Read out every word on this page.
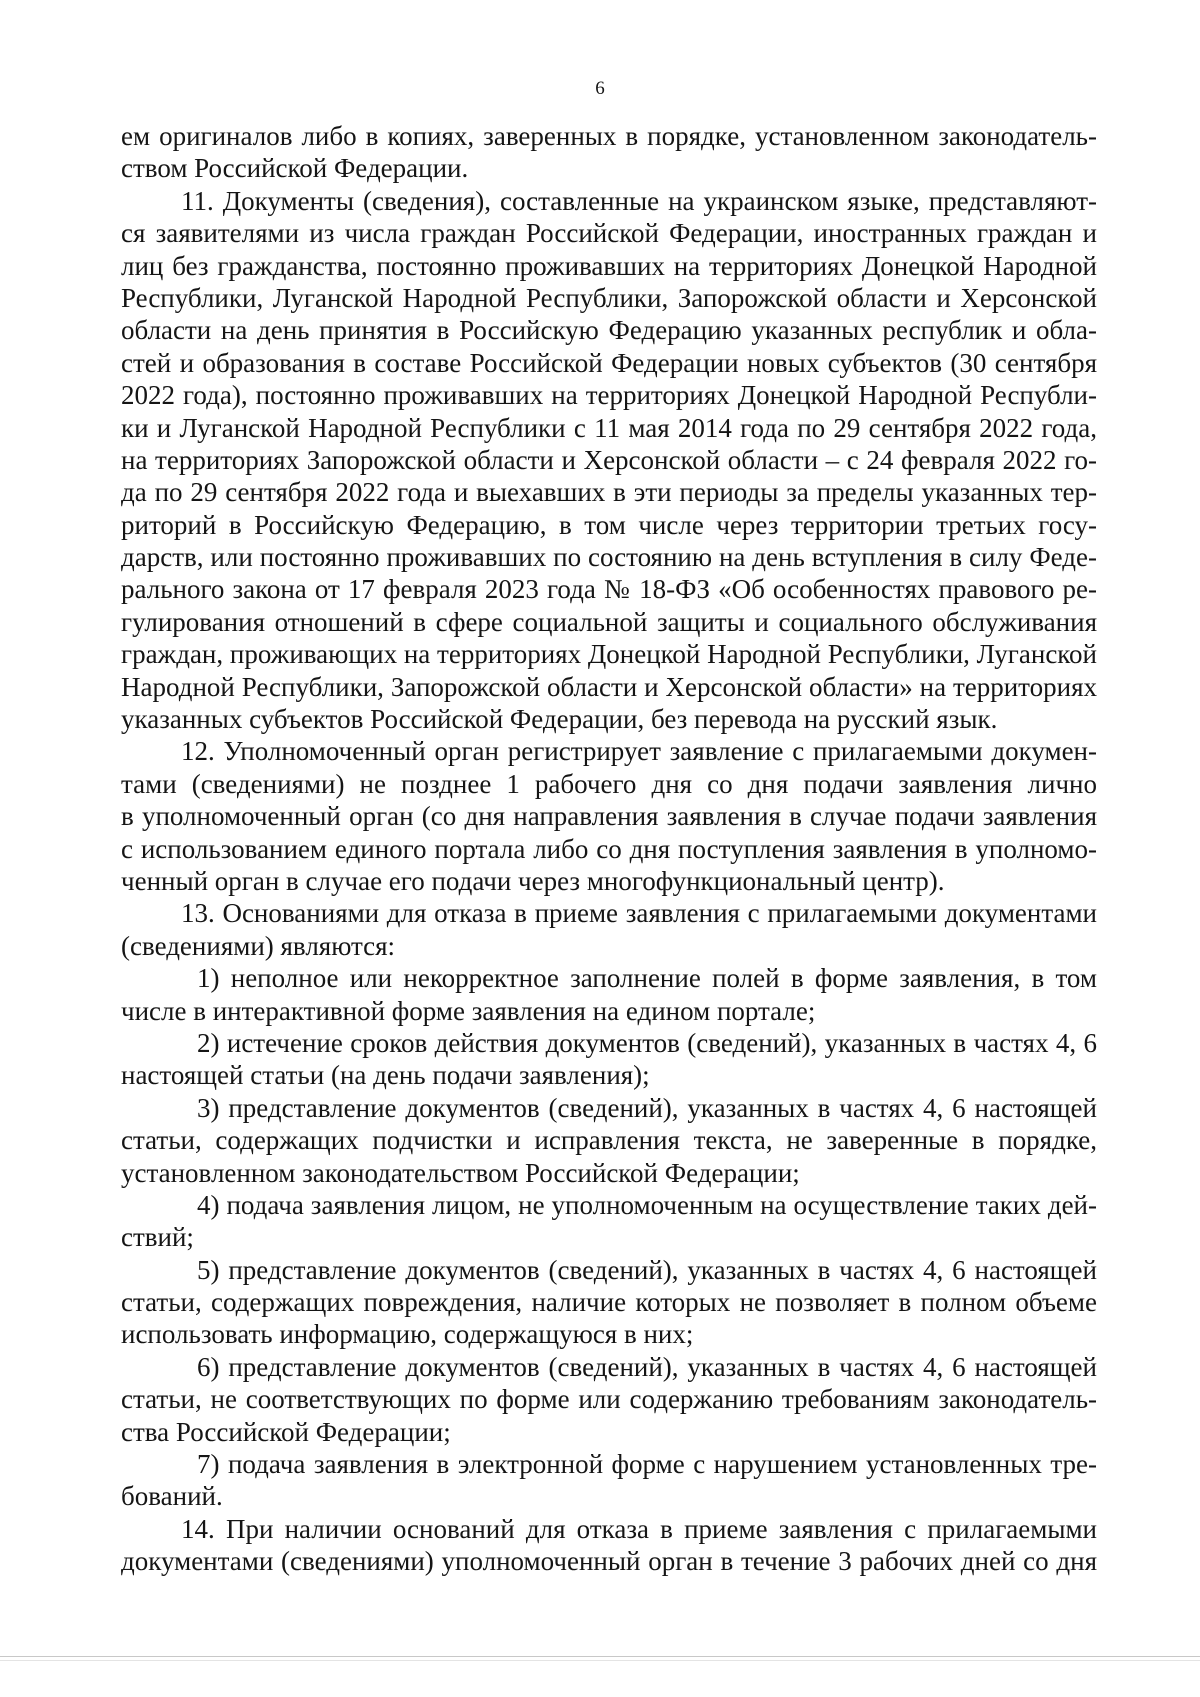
6
ем оригиналов либо в копиях, заверенных в порядке, установленном законодатель-
ством Российской Федерации.
11. Документы (сведения), составленные на украинском языке, представляют-
ся заявителями из числа граждан Российской Федерации, иностранных граждан и
лиц без гражданства, постоянно проживавших на территориях Донецкой Народной
Республики, Луганской Народной Республики, Запорожской области и Херсонской
области на день принятия в Российскую Федерацию указанных республик и обла-
стей и образования в составе Российской Федерации новых субъектов (30 сентября
2022 года), постоянно проживавших на территориях Донецкой Народной Республи-
ки и Луганской Народной Республики с 11 мая 2014 года по 29 сентября 2022 года,
на территориях Запорожской области и Херсонской области – с 24 февраля 2022 го-
да по 29 сентября 2022 года и выехавших в эти периоды за пределы указанных тер-
риторий в Российскую Федерацию, в том числе через территории третьих госу-
дарств, или постоянно проживавших по состоянию на день вступления в силу Феде-
рального закона от 17 февраля 2023 года № 18-ФЗ «Об особенностях правового ре-
гулирования отношений в сфере социальной защиты и социального обслуживания
граждан, проживающих на территориях Донецкой Народной Республики, Луганской
Народной Республики, Запорожской области и Херсонской области» на территориях
указанных субъектов Российской Федерации, без перевода на русский язык.
12. Уполномоченный орган регистрирует заявление с прилагаемыми докумен-
тами (сведениями) не позднее 1 рабочего дня со дня подачи заявления лично
в уполномоченный орган (со дня направления заявления в случае подачи заявления
с использованием единого портала либо со дня поступления заявления в уполномо-
ченный орган в случае его подачи через многофункциональный центр).
13. Основаниями для отказа в приеме заявления с прилагаемыми документами
(сведениями) являются:
1) неполное или некорректное заполнение полей в форме заявления, в том
числе в интерактивной форме заявления на едином портале;
2) истечение сроков действия документов (сведений), указанных в частях 4, 6
настоящей статьи (на день подачи заявления);
3) представление документов (сведений), указанных в частях 4, 6 настоящей
статьи, содержащих подчистки и исправления текста, не заверенные в порядке,
установленном законодательством Российской Федерации;
4) подача заявления лицом, не уполномоченным на осуществление таких дей-
ствий;
5) представление документов (сведений), указанных в частях 4, 6 настоящей
статьи, содержащих повреждения, наличие которых не позволяет в полном объеме
использовать информацию, содержащуюся в них;
6) представление документов (сведений), указанных в частях 4, 6 настоящей
статьи, не соответствующих по форме или содержанию требованиям законодатель-
ства Российской Федерации;
7) подача заявления в электронной форме с нарушением установленных тре-
бований.
14. При наличии оснований для отказа в приеме заявления с прилагаемыми
документами (сведениями) уполномоченный орган в течение 3 рабочих дней со дня
